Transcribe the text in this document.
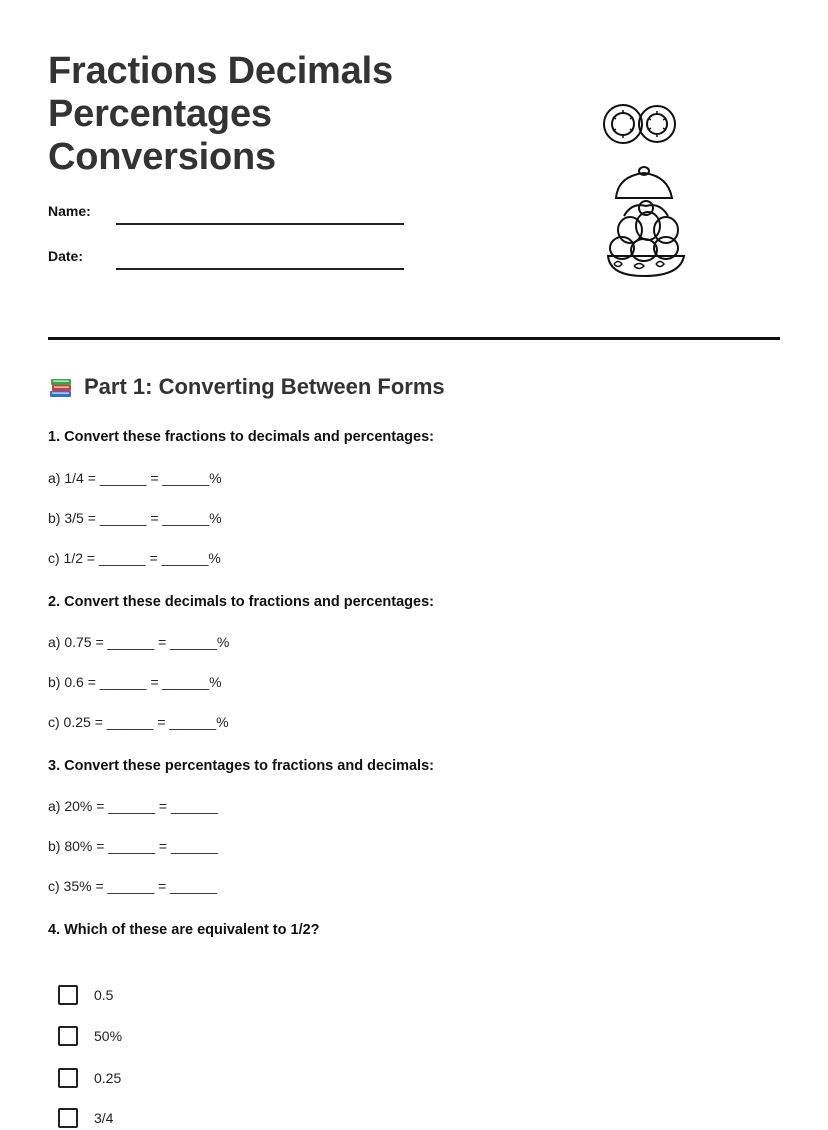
Fractions Decimals
Percentages
Conversions
Name:
Date:
Part 1: Converting Between Forms
1. Convert these fractions to decimals and percentages:
a) 1/4 = ______ = ______%
b) 3/5 = ______ = ______%
c) 1/2 = ______ = ______%
2. Convert these decimals to fractions and percentages:
a) 0.75 = ______ = ______%
b) 0.6 = ______ = ______%
c) 0.25 = ______ = ______%
3. Convert these percentages to fractions and decimals:
a) 20% = ______ = ______
b) 80% = ______ = ______
c) 35% = ______ = ______
4. Which of these are equivalent to 1/2?
0.5
50%
0.25
3/4
